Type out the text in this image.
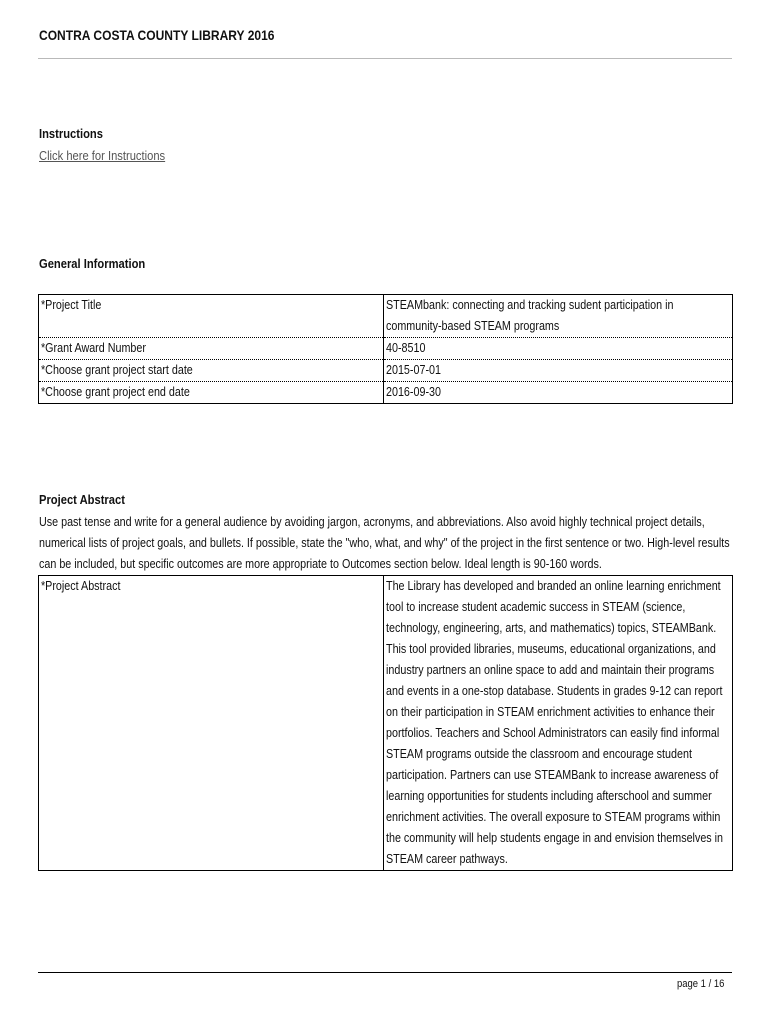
CONTRA COSTA COUNTY LIBRARY 2016
Instructions
Click here for Instructions
General Information
*Project Title	STEAMbank: connecting and tracking sudent participation in community-based STEAM programs

*Grant Award Number	40-8510
*Choose grant project start date	2015-07-01
*Choose grant project end date	2016-09-30
Project Abstract
Use past tense and write for a general audience by avoiding jargon, acronyms, and abbreviations. Also avoid highly technical project details, numerical lists of project goals, and bullets. If possible, state the "who, what, and why" of the project in the first sentence or two. High-level results can be included, but specific outcomes are more appropriate to Outcomes section below. Ideal length is 90-160 words.
*Project Abstract	The Library has developed and branded an online learning enrichment tool to increase student academic success in STEAM (science, technology, engineering, arts, and mathematics) topics, STEAMBank. This tool provided libraries, museums, educational organizations, and industry partners an online space to add and maintain their programs and events in a one-stop database. Students in grades 9-12 can report on their participation in STEAM enrichment activities to enhance their portfolios. Teachers and School Administrators can easily find informal STEAM programs outside the classroom and encourage student participation. Partners can use STEAMBank to increase awareness of learning opportunities for students including afterschool and summer enrichment activities. The overall exposure to STEAM programs within the community will help students engage in and envision themselves in STEAM career pathways.
page 1 / 16
